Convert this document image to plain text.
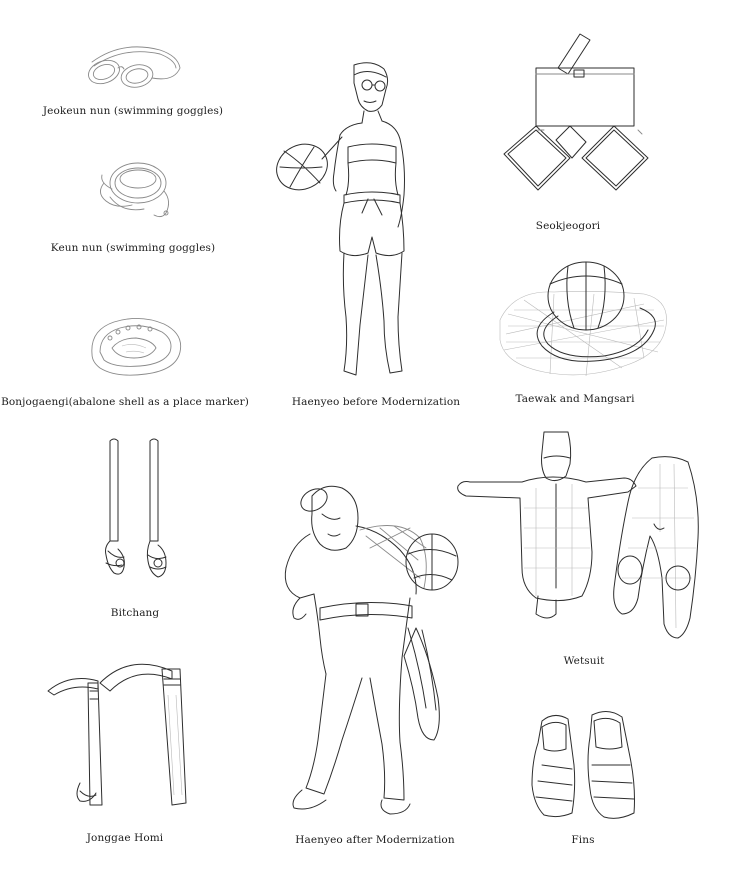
Jeokeun nun (swimming goggles)
Keun nun (swimming goggles)
Bonjogaengi(abalone shell as a place marker)	Haenyeo before Modernization
Seokjeogori
Taewak and Mangsari
Bitchang
Haenyeo after Modernization
Wetsuit
Jonggae Homi	Fins
